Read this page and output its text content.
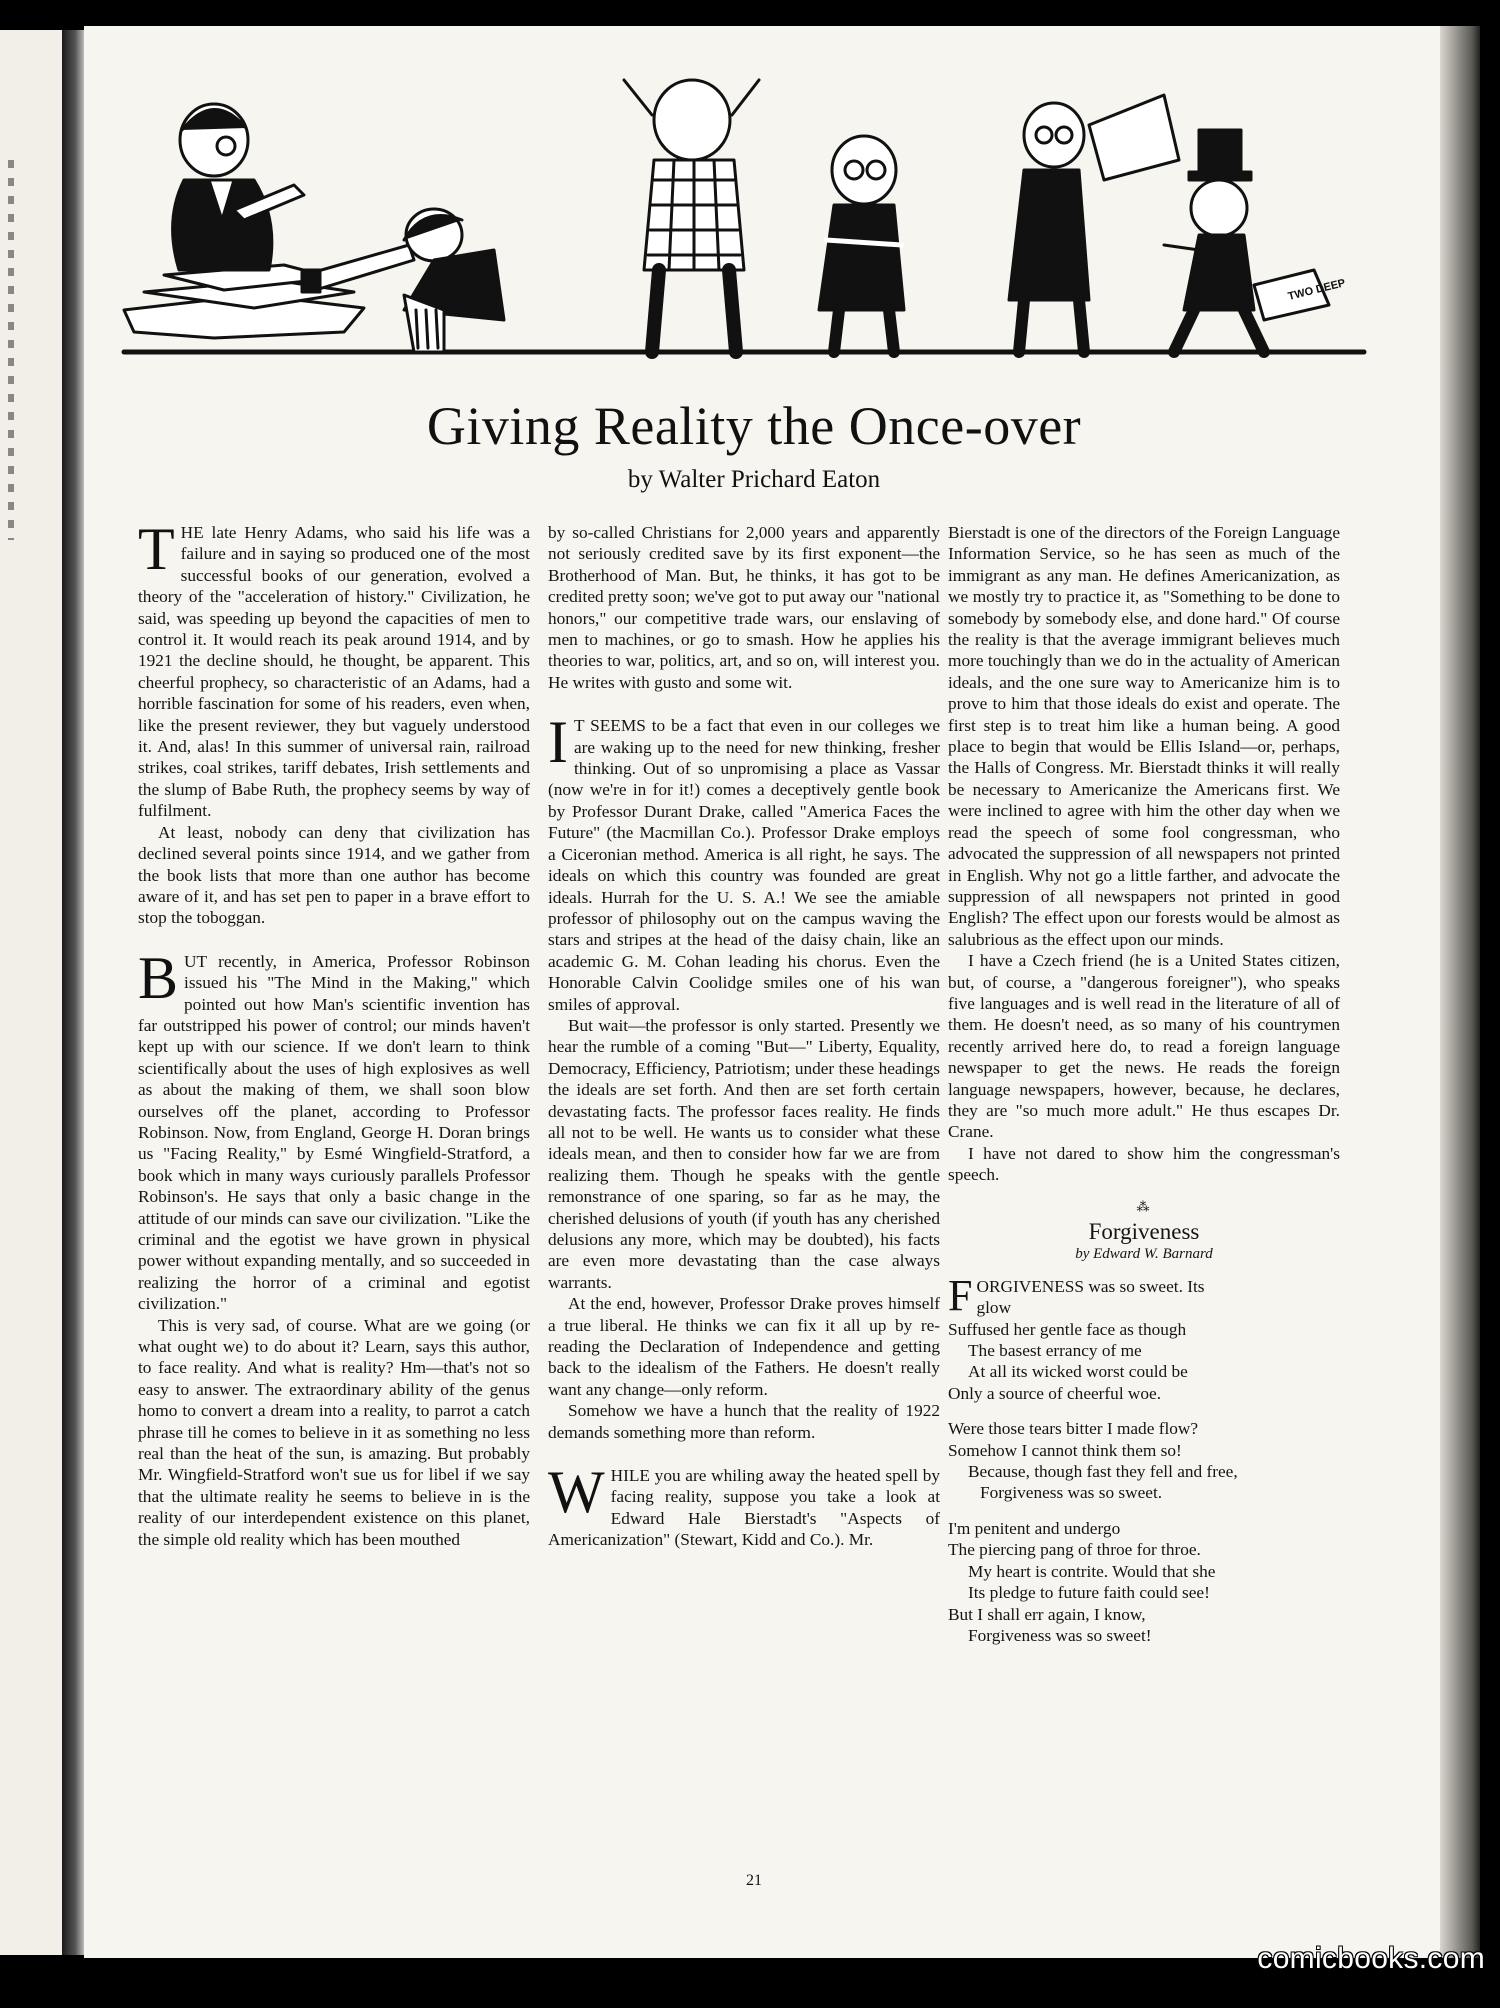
TWO DEEP
Giving Reality the Once-over

by Walter Prichard Eaton

THE late Henry Adams, who said his life was a failure and in saying so produced one of the most successful books of our generation, evolved a theory of the "acceleration of history." Civilization, he said, was speeding up beyond the capacities of men to control it. It would reach its peak around 1914, and by 1921 the decline should, he thought, be apparent. This cheerful prophecy, so characteristic of an Adams, had a horrible fascination for some of his readers, even when, like the present reviewer, they but vaguely understood it. And, alas! In this summer of universal rain, railroad strikes, coal strikes, tariff debates, Irish settlements and the slump of Babe Ruth, the prophecy seems by way of fulfilment.

At least, nobody can deny that civilization has declined several points since 1914, and we gather from the book lists that more than one author has become aware of it, and has set pen to paper in a brave effort to stop the toboggan.

BUT recently, in America, Professor Robinson issued his "The Mind in the Making," which pointed out how Man's scientific invention has far outstripped his power of control; our minds haven't kept up with our science. If we don't learn to think scientifically about the uses of high explosives as well as about the making of them, we shall soon blow ourselves off the planet, according to Professor Robinson. Now, from England, George H. Doran brings us "Facing Reality," by Esmé Wingfield-Stratford, a book which in many ways curiously parallels Professor Robinson's. He says that only a basic change in the attitude of our minds can save our civilization. "Like the criminal and the egotist we have grown in physical power without expanding mentally, and so succeeded in realizing the horror of a criminal and egotist civilization."

This is very sad, of course. What are we going (or what ought we) to do about it? Learn, says this author, to face reality. And what is reality? Hm—that's not so easy to answer. The extraordinary ability of the genus homo to convert a dream into a reality, to parrot a catch phrase till he comes to believe in it as something no less real than the heat of the sun, is amazing. But probably Mr. Wingfield-Stratford won't sue us for libel if we say that the ultimate reality he seems to believe in is the reality of our interdependent existence on this planet, the simple old reality which has been mouthed

by so-called Christians for 2,000 years and apparently not seriously credited save by its first exponent—the Brotherhood of Man. But, he thinks, it has got to be credited pretty soon; we've got to put away our "national honors," our competitive trade wars, our enslaving of men to machines, or go to smash. How he applies his theories to war, politics, art, and so on, will interest you. He writes with gusto and some wit.

I T SEEMS to be a fact that even in our colleges we are waking up to the need for new thinking, fresher thinking. Out of so unpromising a place as Vassar (now we're in for it!) comes a deceptively gentle book by Professor Durant Drake, called "America Faces the Future" (the Macmillan Co.). Professor Drake employs a Ciceronian method. America is all right, he says. The ideals on which this country was founded are great ideals. Hurrah for the U. S. A.! We see the amiable professor of philosophy out on the campus waving the stars and stripes at the head of the daisy chain, like an academic G. M. Cohan leading his chorus. Even the Honorable Calvin Coolidge smiles one of his wan smiles of approval.

But wait—the professor is only started. Presently we hear the rumble of a coming "But—" Liberty, Equality, Democracy, Efficiency, Patriotism; under these headings the ideals are set forth. And then are set forth certain devastating facts. The professor faces reality. He finds all not to be well. He wants us to consider what these ideals mean, and then to consider how far we are from realizing them. Though he speaks with the gentle remonstrance of one sparing, so far as he may, the cherished delusions of youth (if youth has any cherished delusions any more, which may be doubted), his facts are even more devastating than the case always warrants.

At the end, however, Professor Drake proves himself a true liberal. He thinks we can fix it all up by re-reading the Declaration of Independence and getting back to the idealism of the Fathers. He doesn't really want any change—only reform.

Somehow we have a hunch that the reality of 1922 demands something more than reform.

WHILE you are whiling away the heated spell by facing reality, suppose you take a look at Edward Hale Bierstadt's "Aspects of Americanization" (Stewart, Kidd and Co.). Mr.

Bierstadt is one of the directors of the Foreign Language Information Service, so he has seen as much of the immigrant as any man. He defines Americanization, as we mostly try to practice it, as "Something to be done to somebody by somebody else, and done hard." Of course the reality is that the average immigrant believes much more touchingly than we do in the actuality of American ideals, and the one sure way to Americanize him is to prove to him that those ideals do exist and operate. The first step is to treat him like a human being. A good place to begin that would be Ellis Island—or, perhaps, the Halls of Congress. Mr. Bierstadt thinks it will really be necessary to Americanize the Americans first. We were inclined to agree with him the other day when we read the speech of some fool congressman, who advocated the suppression of all newspapers not printed in English. Why not go a little farther, and advocate the suppression of all newspapers not printed in good English? The effect upon our forests would be almost as salubrious as the effect upon our minds.

I have a Czech friend (he is a United States citizen, but, of course, a "dangerous foreigner"), who speaks five languages and is well read in the literature of all of them. He doesn't need, as so many of his countrymen recently arrived here do, to read a foreign language newspaper to get the news. He reads the foreign language newspapers, however, because, he declares, they are "so much more adult." He thus escapes Dr. Crane.

I have not dared to show him the congressman's speech.

⁂
Forgiveness
by Edward W. Barnard
F ORGIVENESS was so sweet. Its
glow
Suffused her gentle face as though
The basest errancy of me
At all its wicked worst could be
Only a source of cheerful woe.
Were those tears bitter I made flow?
Somehow I cannot think them so!
Because, though fast they fell and free,
Forgiveness was so sweet.
I'm penitent and undergo
The piercing pang of throe for throe.
My heart is contrite. Would that she
Its pledge to future faith could see!
But I shall err again, I know,
Forgiveness was so sweet!
21
comicbooks.com
